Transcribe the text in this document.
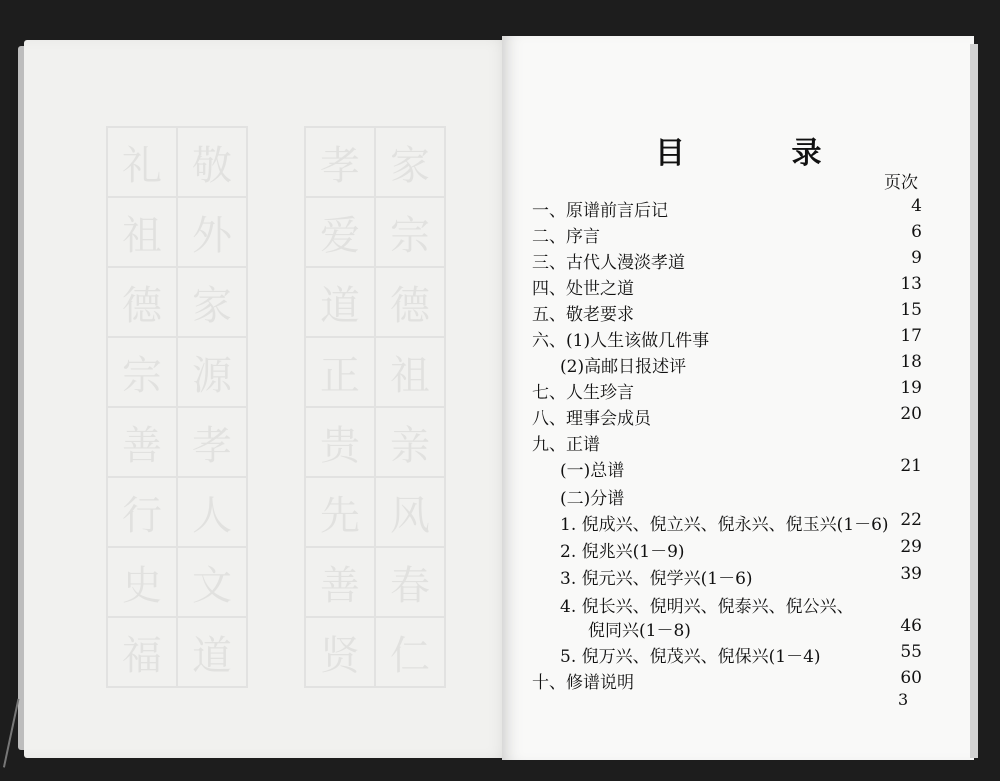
礼 敬
祖 外
德 家
宗 源
善 孝
行 人
史 文
福 道
孝 家
爱 宗
道 德
正 祖
贵 亲
先 风
善 春
贤 仁
目 录
页次
一、原谱前言后记	4
二、序言	6
三、古代人漫淡孝道	9
四、处世之道	13
五、敬老要求	15
六、(1)人生该做几件事	17
(2)高邮日报述评	18
七、人生珍言	19
八、理事会成员	20
九、正谱
(一)总谱	21
(二)分谱
1. 倪成兴、倪立兴、倪永兴、倪玉兴(1－6) 22
2. 倪兆兴(1－9)	29
3. 倪元兴、倪学兴(1－6)	39
4. 倪长兴、倪明兴、倪泰兴、倪公兴、
倪同兴(1－8)	46
5. 倪万兴、倪茂兴、倪保兴(1－4)	55
十、修谱说明	60
3
